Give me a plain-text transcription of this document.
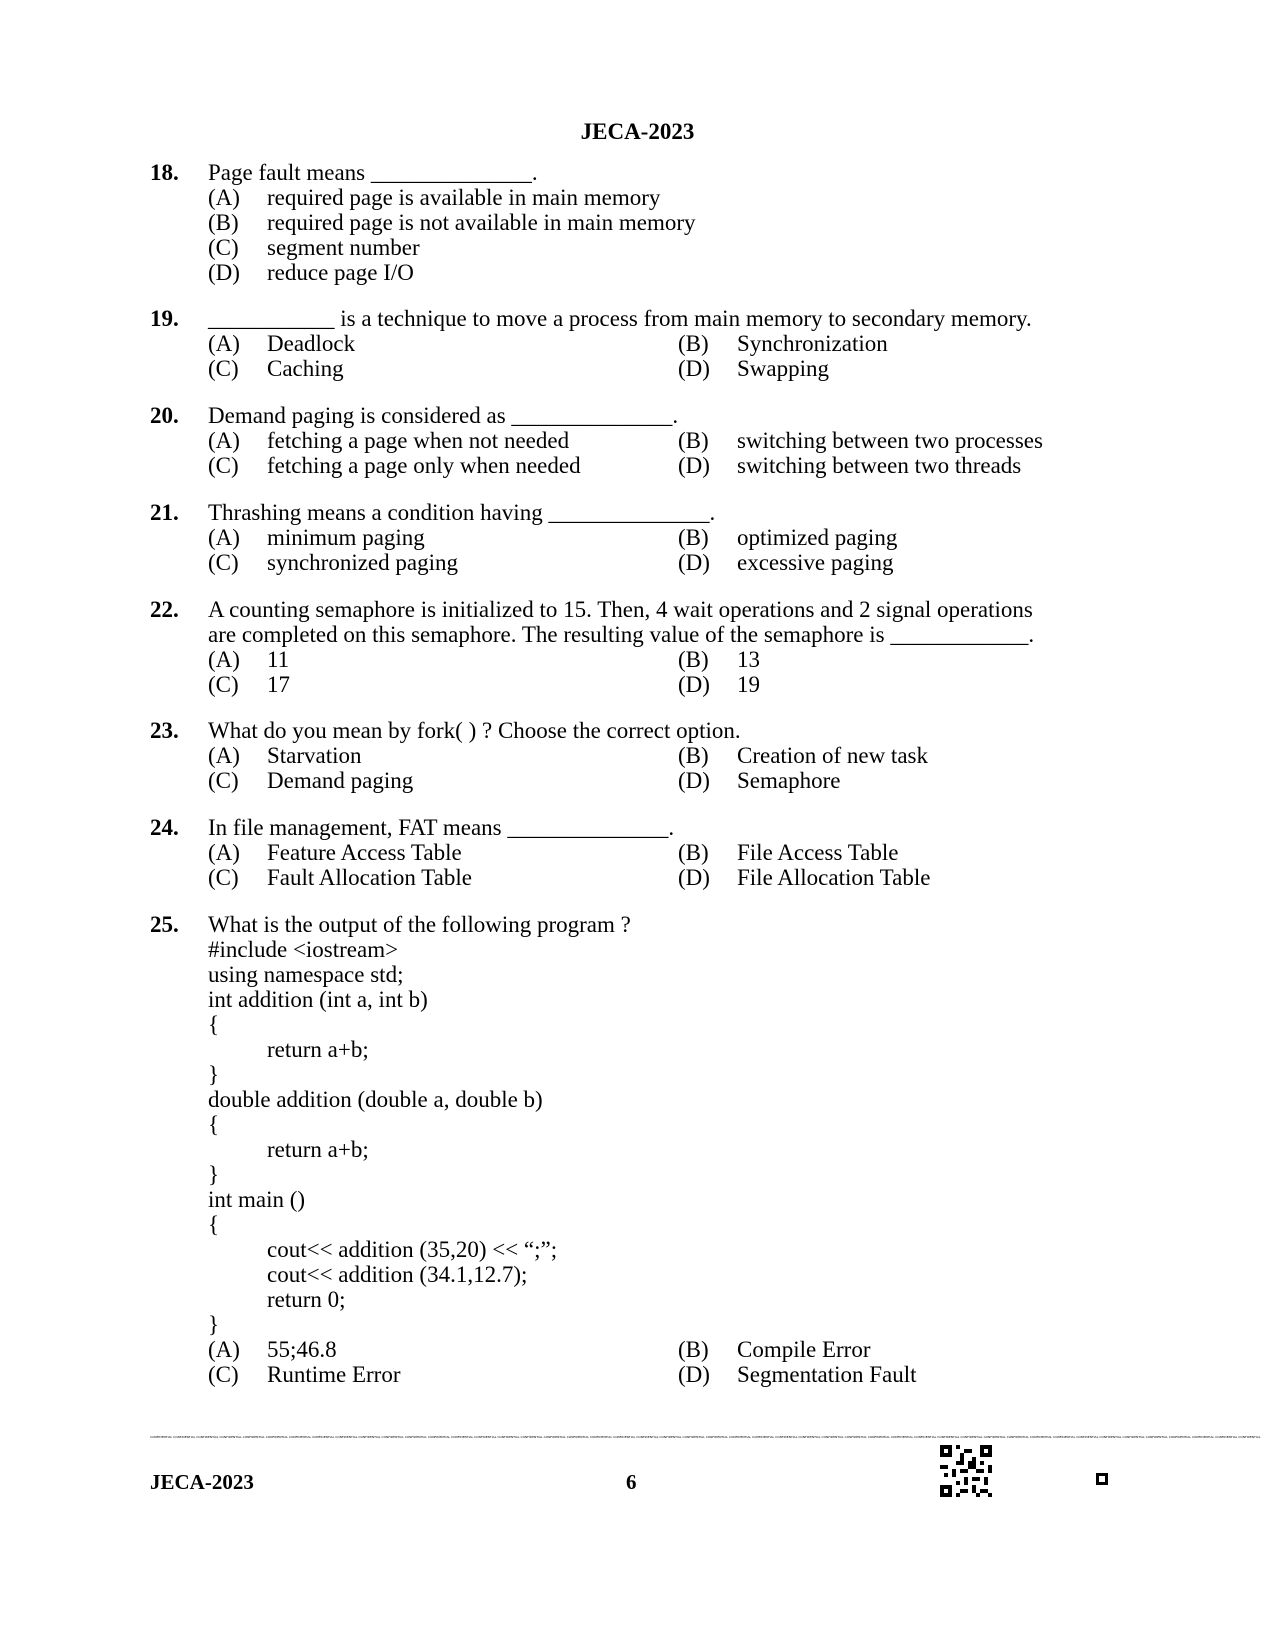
JECA-2023
18. Page fault means ______________.
(A) required page is available in main memory
(B) required page is not available in main memory
(C) segment number
(D) reduce page I/O
19. ___________ is a technique to move a process from main memory to secondary memory.
(A) Deadlock	(B) Synchronization
(C) Caching	(D) Swapping
20. Demand paging is considered as ______________.
(A) fetching a page when not needed	(B) switching between two processes
(C) fetching a page only when needed	(D) switching between two threads
21. Thrashing means a condition having ______________.
(A) minimum paging	(B) optimized paging
(C) synchronized paging	(D) excessive paging
22. A counting semaphore is initialized to 15. Then, 4 wait operations and 2 signal operations
are completed on this semaphore. The resulting value of the semaphore is ____________.
(A) 11	(B) 13
(C) 17	(D) 19
23. What do you mean by fork( ) ? Choose the correct option.
(A) Starvation	(B) Creation of new task
(C) Demand paging	(D) Semaphore
24. In file management, FAT means ______________.
(A) Feature Access Table	(B) File Access Table
(C) Fault Allocation Table	(D) File Allocation Table
25. What is the output of the following program ?
#include <iostream>
using namespace std;
int addition (int a, int b)
{
return a+b;
}
double addition (double a, double b)
{
return a+b;
}
int main ()
{
cout<< addition (35,20) << “;”;
cout<< addition (34.1,12.7);
return 0;
}
(A) 55;46.8	(B) Compile Error
(C) Runtime Error	(D) Segmentation Fault
CONFIDENTIAL CONFIDENTIAL CONFIDENTIAL CONFIDENTIAL CONFIDENTIAL CONFIDENTIAL CONFIDENTIAL CONFIDENTIAL CONFIDENTIAL CONFIDENTIAL CONFIDENTIAL CONFIDENTIAL CONFIDENTIAL CONFIDENTIAL CONFIDENTIAL CONFIDENTIAL CONFIDENTIAL CONFIDENTIAL CONFIDENTIAL CONFIDENTIAL CONFIDENTIAL CONFIDENTIAL CONFIDENTIAL CONFIDENTIAL CONFIDENTIAL CONFIDENTIAL CONFIDENTIAL CONFIDENTIAL CONFIDENTIAL CONFIDENTIAL CONFIDENTIAL CONFIDENTIAL CONFIDENTIAL CONFIDENTIAL CONFIDENTIAL CONFIDENTIAL CONFIDENTIAL CONFIDENTIAL CONFIDENTIAL CONFIDENTIAL CONFIDENTIAL CONFIDENTIAL CONFIDENTIAL CONFIDENTIAL CONFIDENTIAL CONFIDENTIAL CONFIDENTIAL CONFIDENTIAL
JECA-2023	6
